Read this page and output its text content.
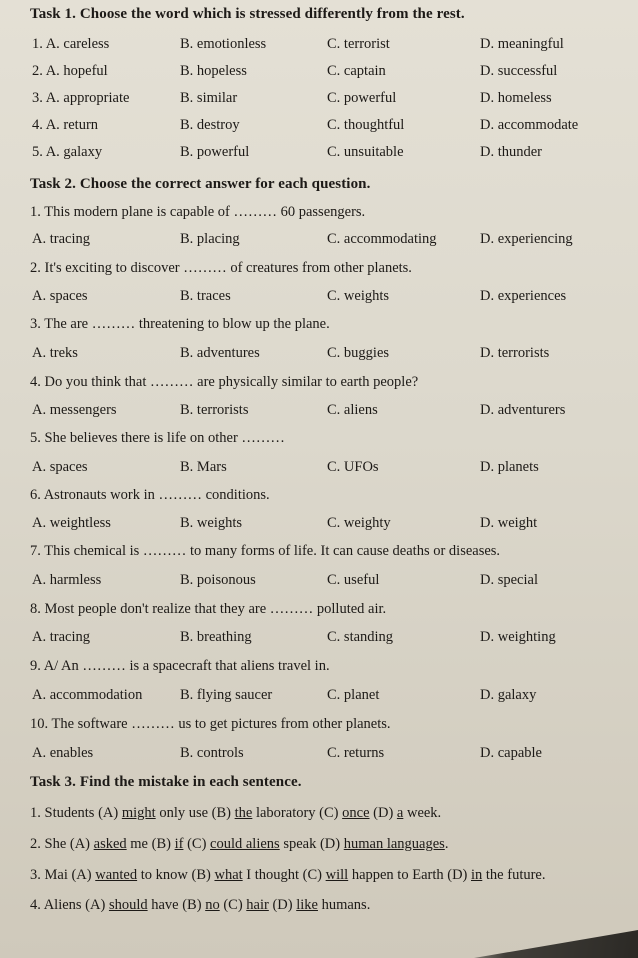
Task 1. Choose the word which is stressed differently from the rest.
1. A. careless	B. emotionless	C. terrorist	D. meaningful
2. A. hopeful	B. hopeless	C. captain	D. successful
3. A. appropriate	B. similar	C. powerful	D. homeless
4. A. return	B. destroy	C. thoughtful	D. accommodate
5. A. galaxy	B. powerful	C. unsuitable	D. thunder
Task 2. Choose the correct answer for each question.
1. This modern plane is capable of ……… 60 passengers.
A. tracing	B. placing	C. accommodating	D. experiencing
2. It's exciting to discover ……… of creatures from other planets.
A. spaces	B. traces	C. weights	D. experiences
3. The are ……… threatening to blow up the plane.
A. treks	B. adventures	C. buggies	D. terrorists
4. Do you think that ……… are physically similar to earth people?
A. messengers	B. terrorists	C. aliens	D. adventurers
5. She believes there is life on other ………
A. spaces	B. Mars	C. UFOs	D. planets
6. Astronauts work in ……… conditions.
A. weightless	B. weights	C. weighty	D. weight
7. This chemical is ……… to many forms of life. It can cause deaths or diseases.
A. harmless	B. poisonous	C. useful	D. special
8. Most people don't realize that they are ……… polluted air.
A. tracing	B. breathing	C. standing	D. weighting
9. A/ An ……… is a spacecraft that aliens travel in.
A. accommodation	B. flying saucer	C. planet	D. galaxy
10. The software ……… us to get pictures from other planets.
A. enables	B. controls	C. returns	D. capable
Task 3. Find the mistake in each sentence.
1. Students (A) might only use (B) the laboratory (C) once (D) a week.
2. She (A) asked me (B) if (C) could aliens speak (D) human languages.
3. Mai (A) wanted to know (B) what I thought (C) will happen to Earth (D) in the future.
4. Aliens (A) should have (B) no (C) hair (D) like humans.
